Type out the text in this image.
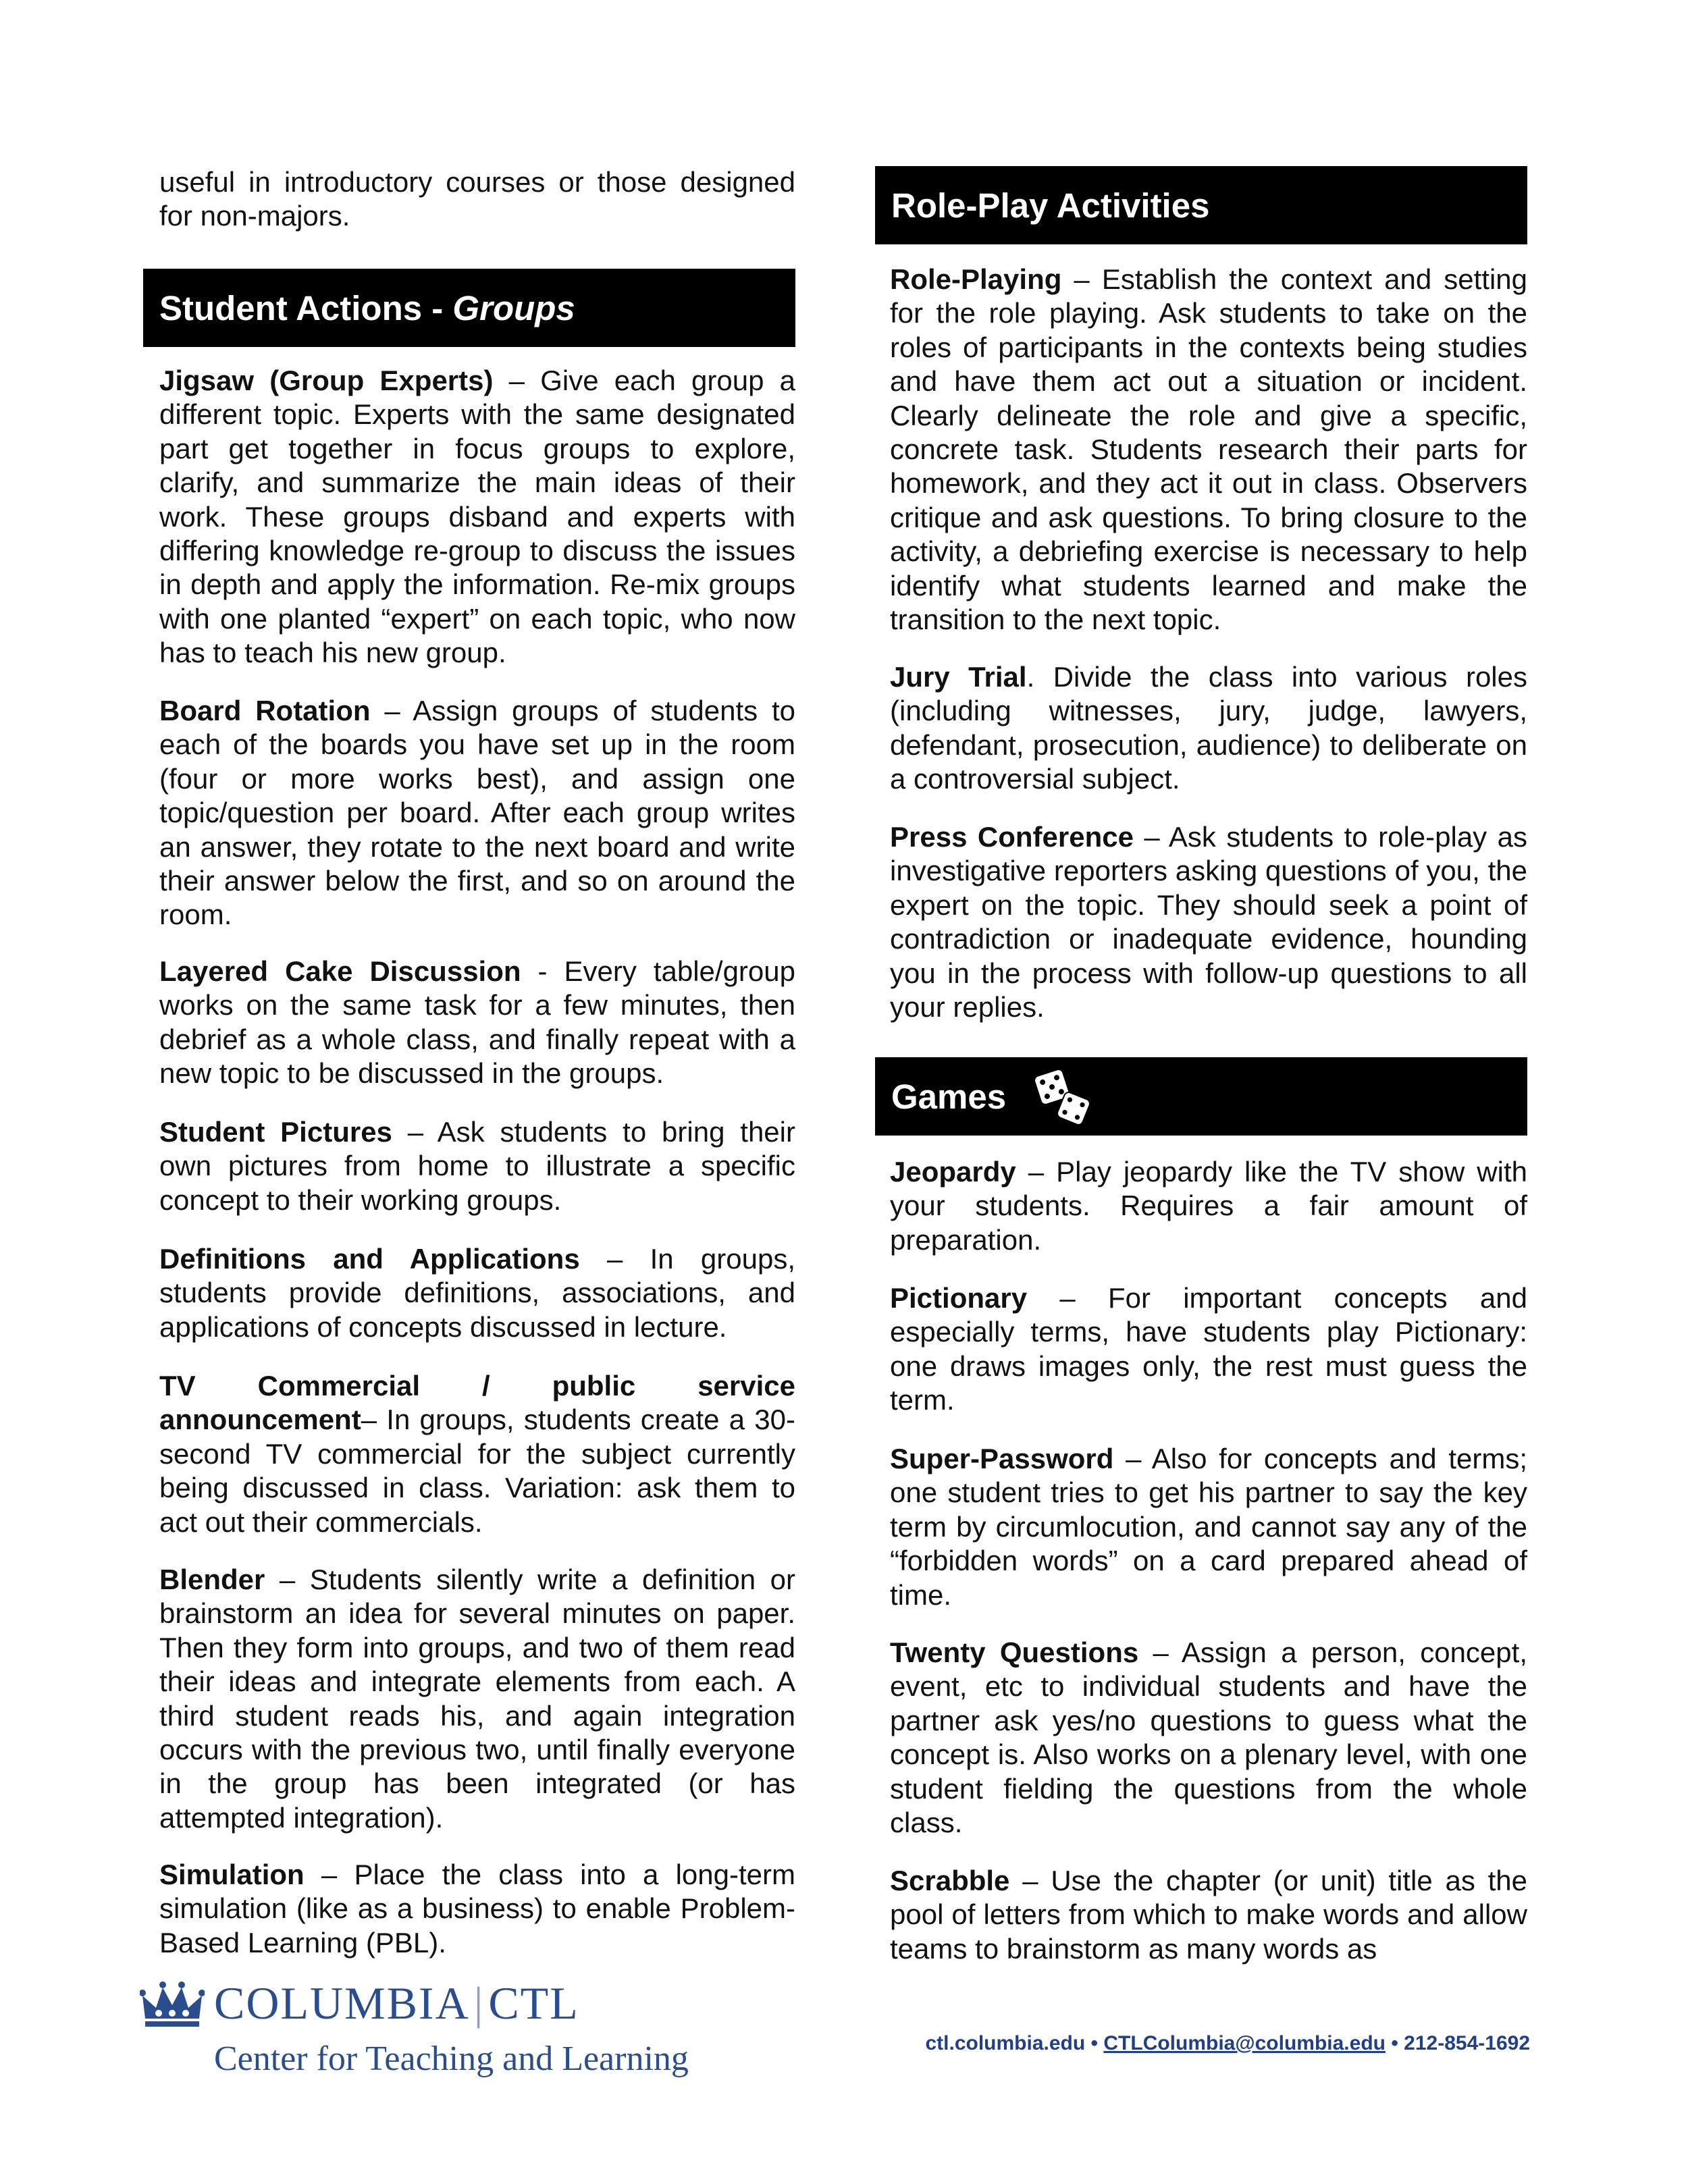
useful in introductory courses or those designed for non-majors.

Student Actions - Groups

Jigsaw (Group Experts) – Give each group a different topic. Experts with the same designated part get together in focus groups to explore, clarify, and summarize the main ideas of their work. These groups disband and experts with differing knowledge re-group to discuss the issues in depth and apply the information. Re-mix groups with one planted “expert” on each topic, who now has to teach his new group.

Board Rotation – Assign groups of students to each of the boards you have set up in the room (four or more works best), and assign one topic/question per board. After each group writes an answer, they rotate to the next board and write their answer below the first, and so on around the room.

Layered Cake Discussion - Every table/group works on the same task for a few minutes, then debrief as a whole class, and finally repeat with a new topic to be discussed in the groups.

Student Pictures – Ask students to bring their own pictures from home to illustrate a specific concept to their working groups.

Definitions and Applications – In groups, students provide definitions, associations, and applications of concepts discussed in lecture.

TV Commercial / public service announcement– In groups, students create a 30-second TV commercial for the subject currently being discussed in class. Variation: ask them to act out their commercials.

Blender – Students silently write a definition or brainstorm an idea for several minutes on paper. Then they form into groups, and two of them read their ideas and integrate elements from each. A third student reads his, and again integration occurs with the previous two, until finally everyone in the group has been integrated (or has attempted integration).

Simulation – Place the class into a long-term simulation (like as a business) to enable Problem-Based Learning (PBL).

Role-Play Activities

Role-Playing – Establish the context and setting for the role playing. Ask students to take on the roles of participants in the contexts being studies and have them act out a situation or incident. Clearly delineate the role and give a specific, concrete task. Students research their parts for homework, and they act it out in class. Observers critique and ask questions. To bring closure to the activity, a debriefing exercise is necessary to help identify what students learned and make the transition to the next topic.

Jury Trial. Divide the class into various roles (including witnesses, jury, judge, lawyers, defendant, prosecution, audience) to deliberate on a controversial subject.

Press Conference – Ask students to role-play as investigative reporters asking questions of you, the expert on the topic. They should seek a point of contradiction or inadequate evidence, hounding you in the process with follow-up questions to all your replies.

Games

Jeopardy – Play jeopardy like the TV show with your students. Requires a fair amount of preparation.

Pictionary – For important concepts and especially terms, have students play Pictionary: one draws images only, the rest must guess the term.

Super-Password – Also for concepts and terms; one student tries to get his partner to say the key term by circumlocution, and cannot say any of the “forbidden words” on a card prepared ahead of time.

Twenty Questions – Assign a person, concept, event, etc to individual students and have the partner ask yes/no questions to guess what the concept is. Also works on a plenary level, with one student fielding the questions from the whole class.

Scrabble – Use the chapter (or unit) title as the pool of letters from which to make words and allow teams to brainstorm as many words as

COLUMBIA|CTL
Center for Teaching and Learning	ctl.columbia.edu • CTLColumbia@columbia.edu • 212-854-1692
